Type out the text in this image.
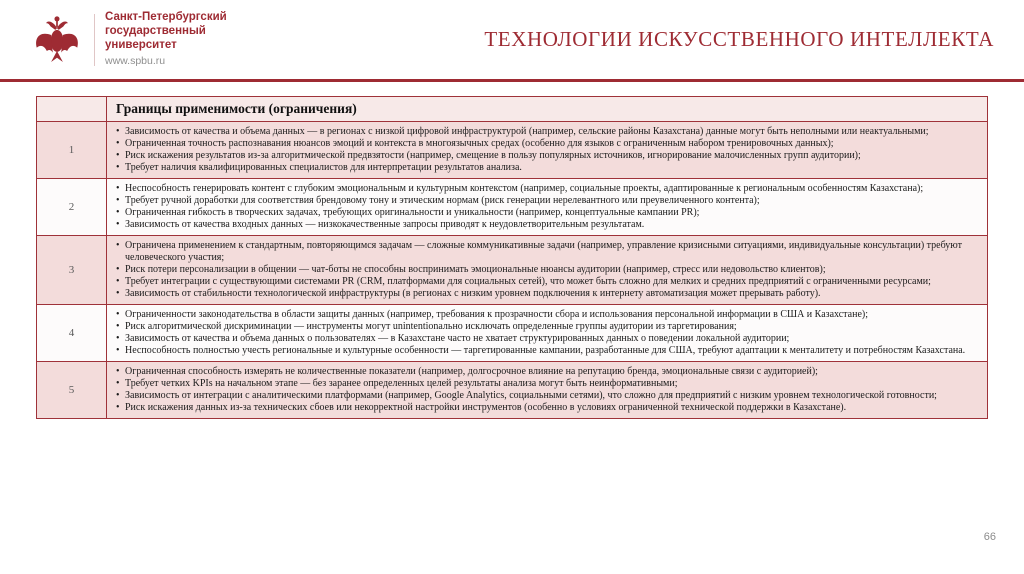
Санкт-Петербургский
государственный
университет
www.spbu.ru
ТЕХНОЛОГИИ ИСКУССТВЕННОГО ИНТЕЛЛЕКТА
	Границы применимости (ограничения)
1	
• Зависимость от качества и объема данных — в регионах с низкой цифровой инфраструктурой (например, сельские районы Казахстана) данные могут быть неполными или неактуальными;
• Ограниченная точность распознавания нюансов эмоций и контекста в многоязычных средах (особенно для языков с ограниченным набором тренировочных данных);
• Риск искажения результатов из-за алгоритмической предвзятости (например, смещение в пользу популярных источников, игнорирование малочисленных групп аудитории);
• Требует наличия квалифицированных специалистов для интерпретации результатов анализа.

2	
• Неспособность генерировать контент с глубоким эмоциональным и культурным контекстом (например, социальные проекты, адаптированные к региональным особенностям Казахстана);
• Требует ручной доработки для соответствия брендовому тону и этическим нормам (риск генерации нерелевантного или преувеличенного контента);
• Ограниченная гибкость в творческих задачах, требующих оригинальности и уникальности (например, концептуальные кампании PR);
• Зависимость от качества входных данных — низкокачественные запросы приводят к неудовлетворительным результатам.

3	
• Ограничена применением к стандартным, повторяющимся задачам — сложные коммуникативные задачи (например, управление кризисными ситуациями, индивидуальные консультации) требуют человеческого участия;
• Риск потери персонализации в общении — чат-боты не способны воспринимать эмоциональные нюансы аудитории (например, стресс или недовольство клиентов);
• Требует интеграции с существующими системами PR (CRM, платформами для социальных сетей), что может быть сложно для мелких и средних предприятий с ограниченными ресурсами;
• Зависимость от стабильности технологической инфраструктуры (в регионах с низким уровнем подключения к интернету автоматизация может прерывать работу).

4	
• Ограниченности законодательства в области защиты данных (например, требования к прозрачности сбора и использования персональной информации в США и Казахстане);
• Риск алгоритмической дискриминации — инструменты могут unintentionально исключать определенные группы аудитории из таргетирования;
• Зависимость от качества и объема данных о пользователях — в Казахстане часто не хватает структурированных данных о поведении локальной аудитории;
• Неспособность полностью учесть региональные и культурные особенности — таргетированные кампании, разработанные для США, требуют адаптации к менталитету и потребностям Казахстана.

5	
• Ограниченная способность измерять не количественные показатели (например, долгосрочное влияние на репутацию бренда, эмоциональные связи с аудиторией);
• Требует четких KPIs на начальном этапе — без заранее определенных целей результаты анализа могут быть неинформативными;
• Зависимость от интеграции с аналитическими платформами (например, Google Analytics, социальными сетями), что сложно для предприятий с низким уровнем технологической готовности;
• Риск искажения данных из-за технических сбоев или некорректной настройки инструментов (особенно в условиях ограниченной технической поддержки в Казахстане).
66
